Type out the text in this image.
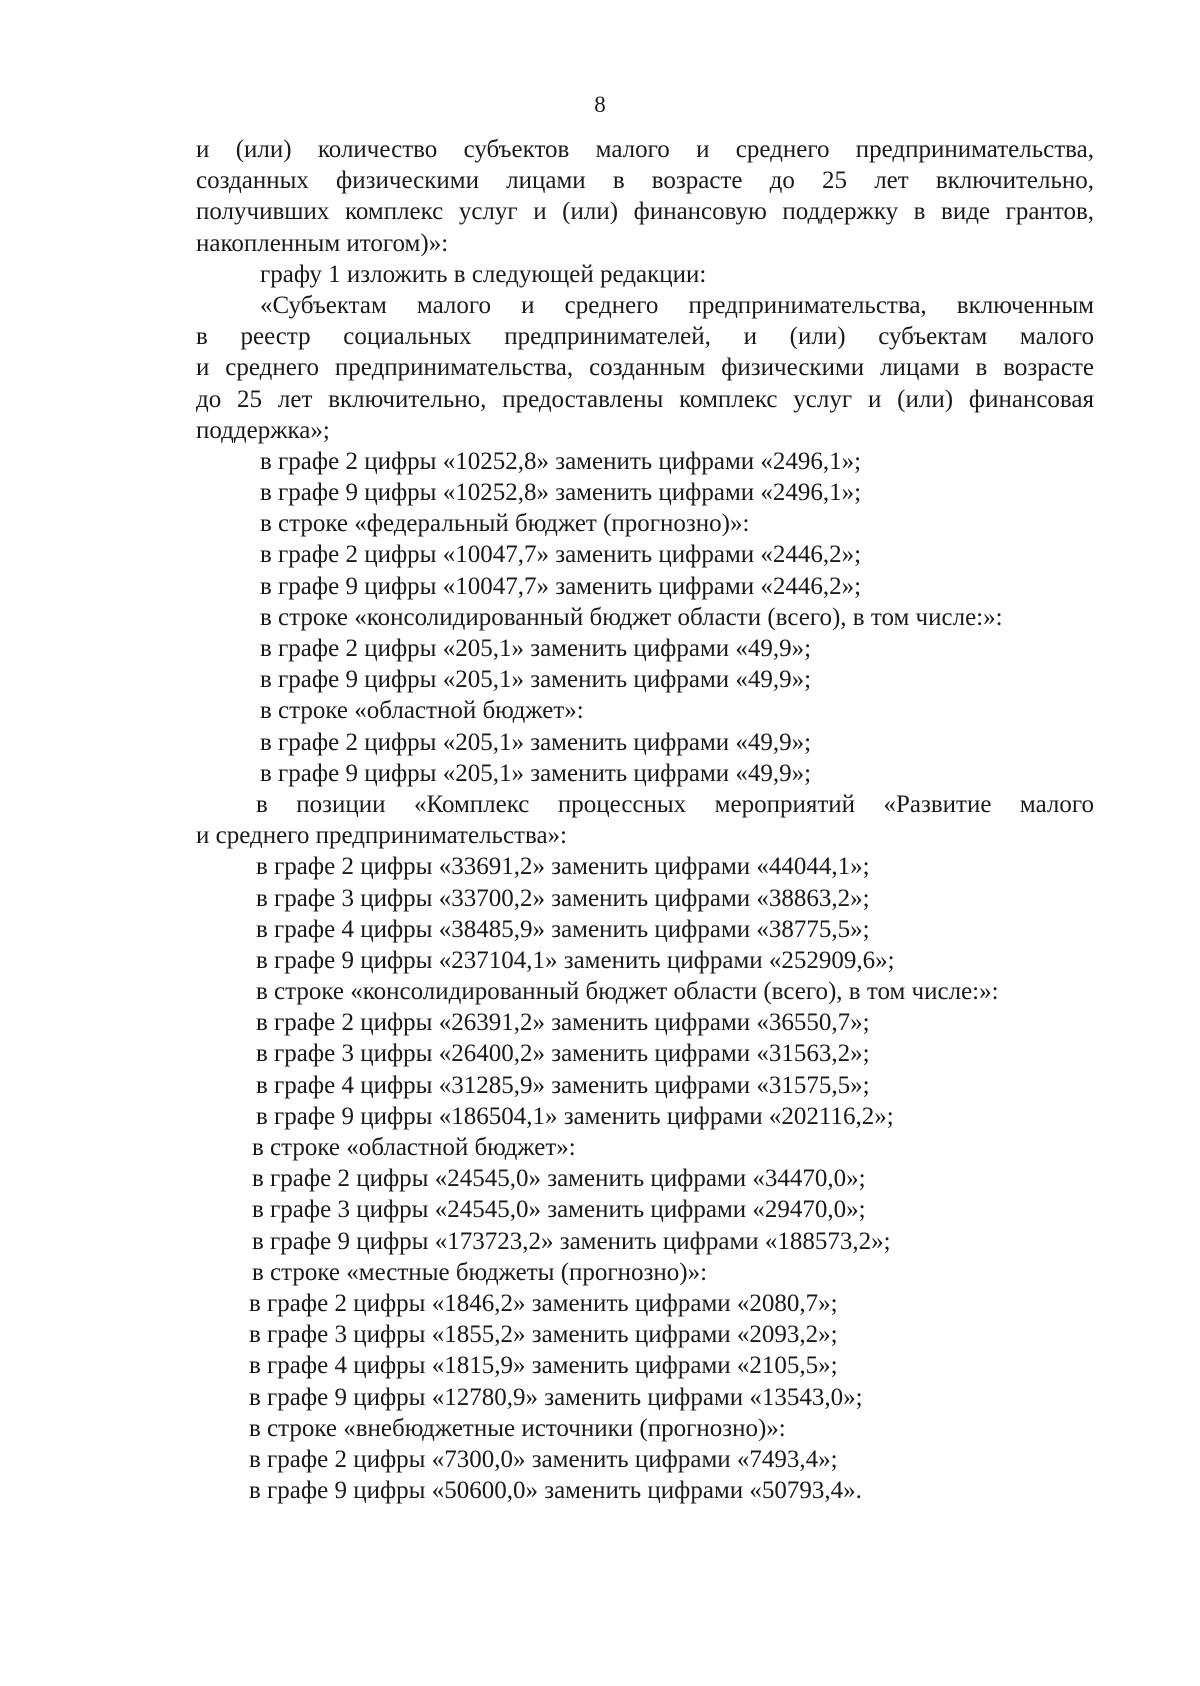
8
и (или) количество субъектов малого и среднего предпринимательства,
созданных физическими лицами в возрасте до 25 лет включительно,
получивших комплекс услуг и (или) финансовую поддержку в виде грантов,
накопленным итогом)»:
графу 1 изложить в следующей редакции:
«Субъектам малого и среднего предпринимательства, включенным
в реестр социальных предпринимателей, и (или) субъектам малого
и среднего предпринимательства, созданным физическими лицами в возрасте
до 25 лет включительно, предоставлены комплекс услуг и (или) финансовая
поддержка»;
в графе 2 цифры «10252,8» заменить цифрами «2496,1»;
в графе 9 цифры «10252,8» заменить цифрами «2496,1»;
в строке «федеральный бюджет (прогнозно)»:
в графе 2 цифры «10047,7» заменить цифрами «2446,2»;
в графе 9 цифры «10047,7» заменить цифрами «2446,2»;
в строке «консолидированный бюджет области (всего), в том числе:»:
в графе 2 цифры «205,1» заменить цифрами «49,9»;
в графе 9 цифры «205,1» заменить цифрами «49,9»;
в строке «областной бюджет»:
в графе 2 цифры «205,1» заменить цифрами «49,9»;
в графе 9 цифры «205,1» заменить цифрами «49,9»;
в позиции «Комплекс процессных мероприятий «Развитие малого
и среднего предпринимательства»:
в графе 2 цифры «33691,2» заменить цифрами «44044,1»;
в графе 3 цифры «33700,2» заменить цифрами «38863,2»;
в графе 4 цифры «38485,9» заменить цифрами «38775,5»;
в графе 9 цифры «237104,1» заменить цифрами «252909,6»;
в строке «консолидированный бюджет области (всего), в том числе:»:
в графе 2 цифры «26391,2» заменить цифрами «36550,7»;
в графе 3 цифры «26400,2» заменить цифрами «31563,2»;
в графе 4 цифры «31285,9» заменить цифрами «31575,5»;
в графе 9 цифры «186504,1» заменить цифрами «202116,2»;
в строке «областной бюджет»:
в графе 2 цифры «24545,0» заменить цифрами «34470,0»;
в графе 3 цифры «24545,0» заменить цифрами «29470,0»;
в графе 9 цифры «173723,2» заменить цифрами «188573,2»;
в строке «местные бюджеты (прогнозно)»:
в графе 2 цифры «1846,2» заменить цифрами «2080,7»;
в графе 3 цифры «1855,2» заменить цифрами «2093,2»;
в графе 4 цифры «1815,9» заменить цифрами «2105,5»;
в графе 9 цифры «12780,9» заменить цифрами «13543,0»;
в строке «внебюджетные источники (прогнозно)»:
в графе 2 цифры «7300,0» заменить цифрами «7493,4»;
в графе 9 цифры «50600,0» заменить цифрами «50793,4».
